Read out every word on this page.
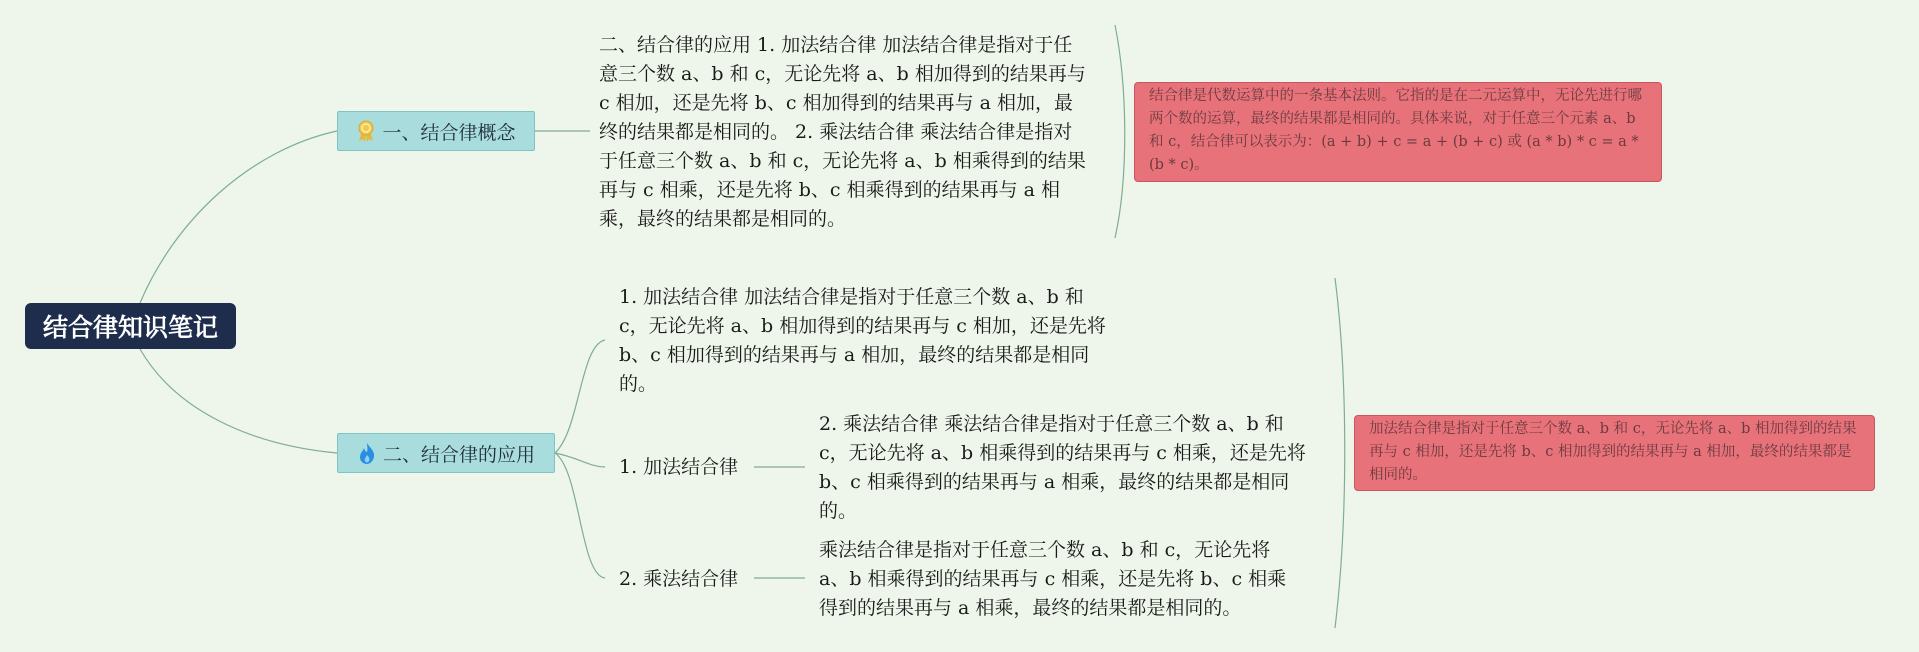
结合律知识笔记
一、结合律概念
二、结合律的应用
二、结合律的应用 1. 加法结合律 加法结合律是指对于任意三个数 a、b 和 c，无论先将 a、b 相加得到的结果再与 c 相加，还是先将 b、c 相加得到的结果再与 a 相加，最终的结果都是相同的。 2. 乘法结合律 乘法结合律是指对于任意三个数 a、b 和 c，无论先将 a、b 相乘得到的结果再与 c 相乘，还是先将 b、c 相乘得到的结果再与 a 相乘，最终的结果都是相同的。
结合律是代数运算中的一条基本法则。它指的是在二元运算中，无论先进行哪两个数的运算，最终的结果都是相同的。具体来说，对于任意三个元素 a、b 和 c，结合律可以表示为：(a + b) + c = a + (b + c) 或 (a * b) * c = a * (b * c)。
1. 加法结合律 加法结合律是指对于任意三个数 a、b 和 c，无论先将 a、b 相加得到的结果再与 c 相加，还是先将 b、c 相加得到的结果再与 a 相加，最终的结果都是相同的。
1. 加法结合律
2. 乘法结合律 乘法结合律是指对于任意三个数 a、b 和 c，无论先将 a、b 相乘得到的结果再与 c 相乘，还是先将 b、c 相乘得到的结果再与 a 相乘，最终的结果都是相同的。
2. 乘法结合律
乘法结合律是指对于任意三个数 a、b 和 c，无论先将 a、b 相乘得到的结果再与 c 相乘，还是先将 b、c 相乘得到的结果再与 a 相乘，最终的结果都是相同的。
加法结合律是指对于任意三个数 a、b 和 c，无论先将 a、b 相加得到的结果再与 c 相加，还是先将 b、c 相加得到的结果再与 a 相加，最终的结果都是相同的。
